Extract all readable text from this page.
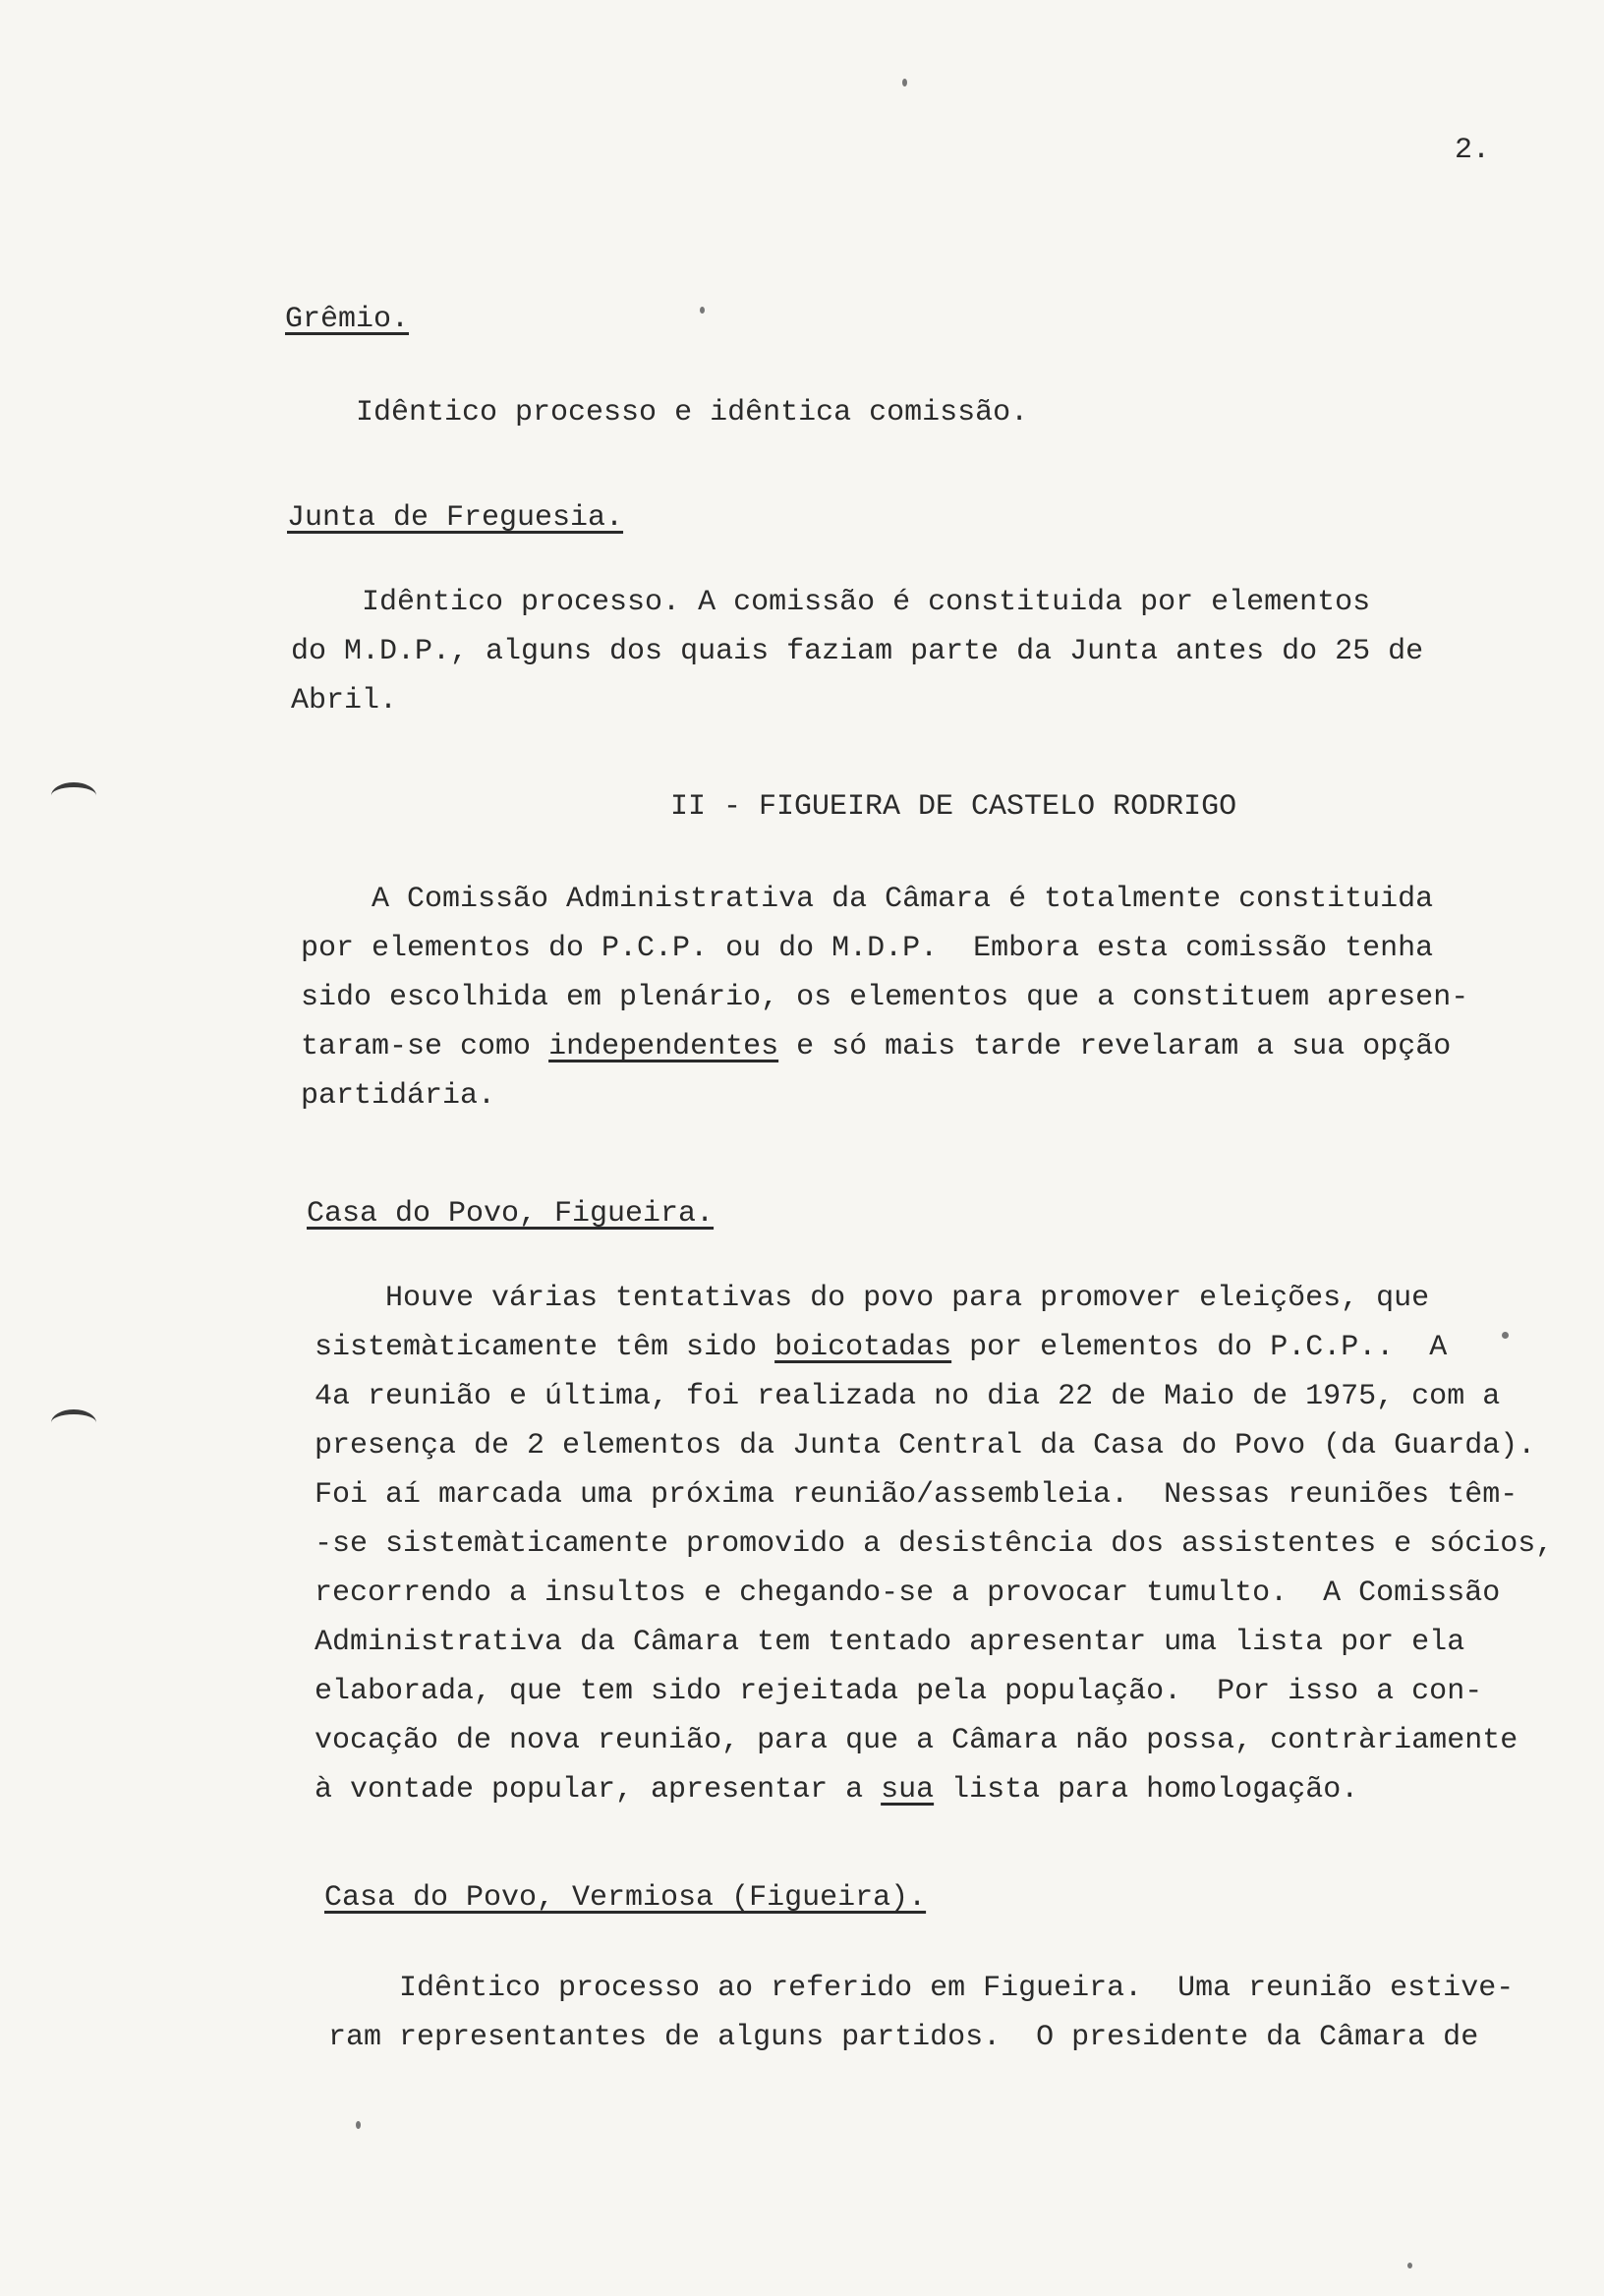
2.
Grêmio.

Idêntico processo e idêntica comissão.

Junta de Freguesia.

Idêntico processo. A comissão é constituida por elementos
do M.D.P., alguns dos quais faziam parte da Junta antes do 25 de
Abril.

II - FIGUEIRA DE CASTELO RODRIGO

A Comissão Administrativa da Câmara é totalmente constituida
por elementos do P.C.P. ou do M.D.P.  Embora esta comissão tenha
sido escolhida em plenário, os elementos que a constituem apresen-
taram-se como independentes e só mais tarde revelaram a sua opção
partidária.

Casa do Povo, Figueira.

Houve várias tentativas do povo para promover eleições, que
sistemàticamente têm sido boicotadas por elementos do P.C.P..  A
4a reunião e última, foi realizada no dia 22 de Maio de 1975, com a
presença de 2 elementos da Junta Central da Casa do Povo (da Guarda).
Foi aí marcada uma próxima reunião/assembleia.  Nessas reuniões têm-
-se sistemàticamente promovido a desistência dos assistentes e sócios,
recorrendo a insultos e chegando-se a provocar tumulto.  A Comissão
Administrativa da Câmara tem tentado apresentar uma lista por ela
elaborada, que tem sido rejeitada pela população.  Por isso a con-
vocação de nova reunião, para que a Câmara não possa, contràriamente
à vontade popular, apresentar a sua lista para homologação.

Casa do Povo, Vermiosa (Figueira).

Idêntico processo ao referido em Figueira.  Uma reunião estive-
ram representantes de alguns partidos.  O presidente da Câmara de
